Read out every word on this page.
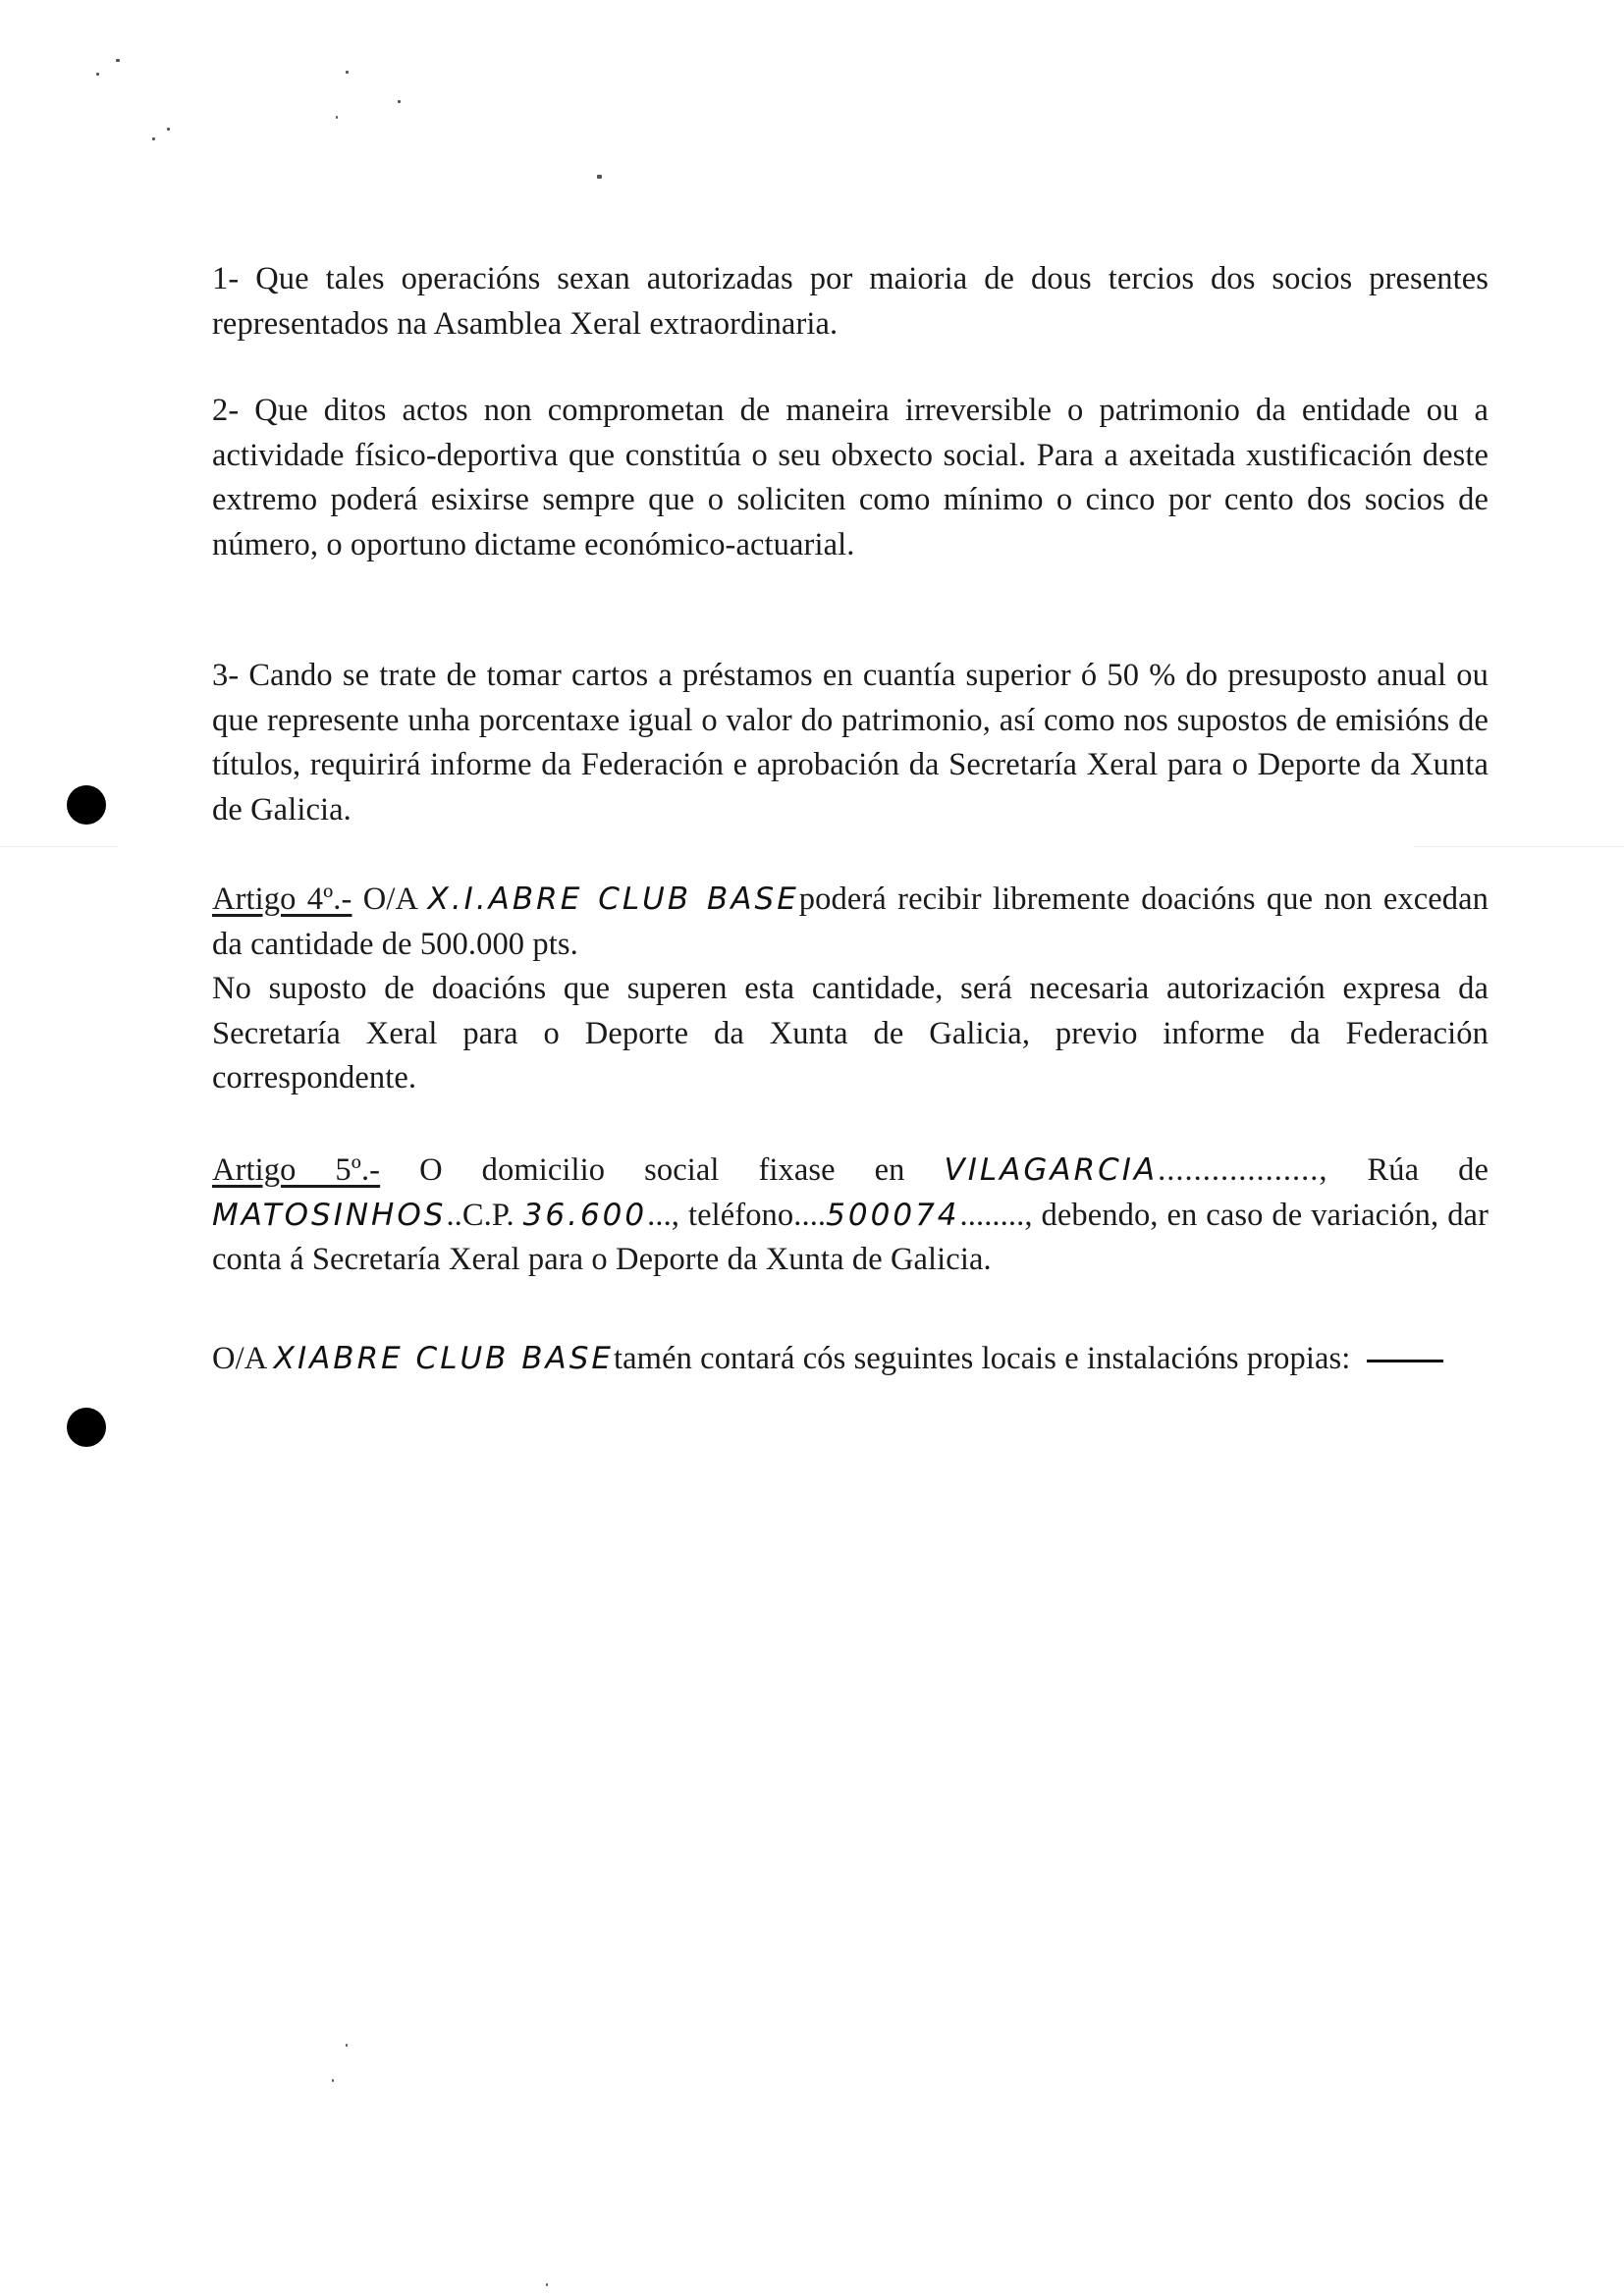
1- Que tales operacións sexan autorizadas por maioria de dous tercios dos socios presentes representados na Asamblea Xeral extraordinaria.

2- Que ditos actos non comprometan de maneira irreversible o patrimonio da entidade ou a actividade físico-deportiva que constitúa o seu obxecto social. Para a axeitada xustificación deste extremo poderá esixirse sempre que o soliciten como mínimo o cinco por cento dos socios de número, o oportuno dictame económico-actuarial.

3- Cando se trate de tomar cartos a préstamos en cuantía superior ó 50 % do presuposto anual ou que represente unha porcentaxe igual o valor do patrimonio, así como nos supostos de emisións de títulos, requirirá informe da Federación e aprobación da Secretaría Xeral para o Deporte da Xunta de Galicia.

Artigo 4º.- O/A X.I.ABRE CLUB BASEpoderá recibir libremente doacións que non excedan da cantidade de 500.000 pts.

No suposto de doacións que superen esta cantidade, será necesaria autorización expresa da Secretaría Xeral para o Deporte da Xunta de Galicia, previo informe da Federación correspondente.

Artigo 5º.- O domicilio social fixase en VILAGARCIA.................., Rúa de MATOSINHOS..C.P. 36.600..., teléfono....500074........, debendo, en caso de variación, dar conta á Secretaría Xeral para o Deporte da Xunta de Galicia.

O/A XIABRE CLUB BASEtamén contará cós seguintes locais e instalacións propias:
